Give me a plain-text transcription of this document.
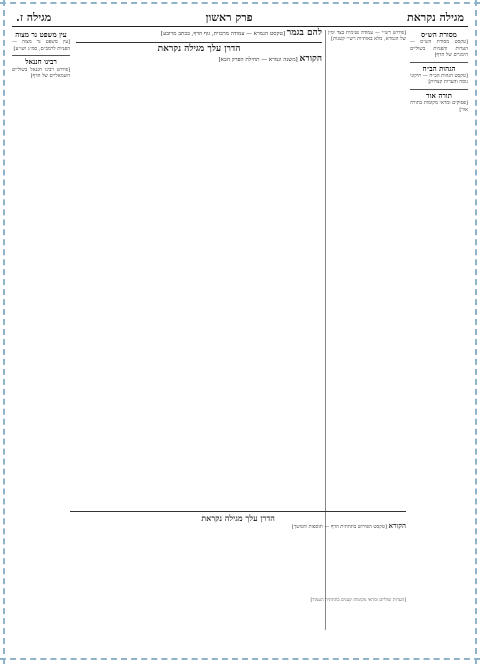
מגילה נקראת
פרק ראשון
מגילה ז.
מסורת הש״ס
[טקסט מסורת הש״ס — הערות והפניות בשוליים הימניים של הדף]
הגהות הב״ח
[טקסט הגהות הב״ח — תיקוני נוסח והערות קצרות]
תורה אור
[פסוקים ומראי מקומות בתורה אור]
[פירוש רש״י — עמודה פנימית בצד ימין של הגמרא, מלא באותיות רש״י קטנות]
להם בגמר [טקסט הגמרא — עמודה מרכזית, גוף הדף, בכתב מרובע]
הדרן עלך מגילה נקראת
הקורא [משנה וגמרא — תחילת הפרק הבא]
עין משפט נר מצוה
[עין משפט נר מצוה — הפניות לרמב״ם, סמ״ג ושו״ע]
רבינו חננאל
[פירוש רבינו חננאל בשוליים השמאליים של הדף]
הדרן עלך מגילה נקראת
הקורא [טקסט הפירוש בתחתית הדף — תוספות והמשך]
[הערות שוליים ומראי מקומות קטנים בתחתית העמוד]
